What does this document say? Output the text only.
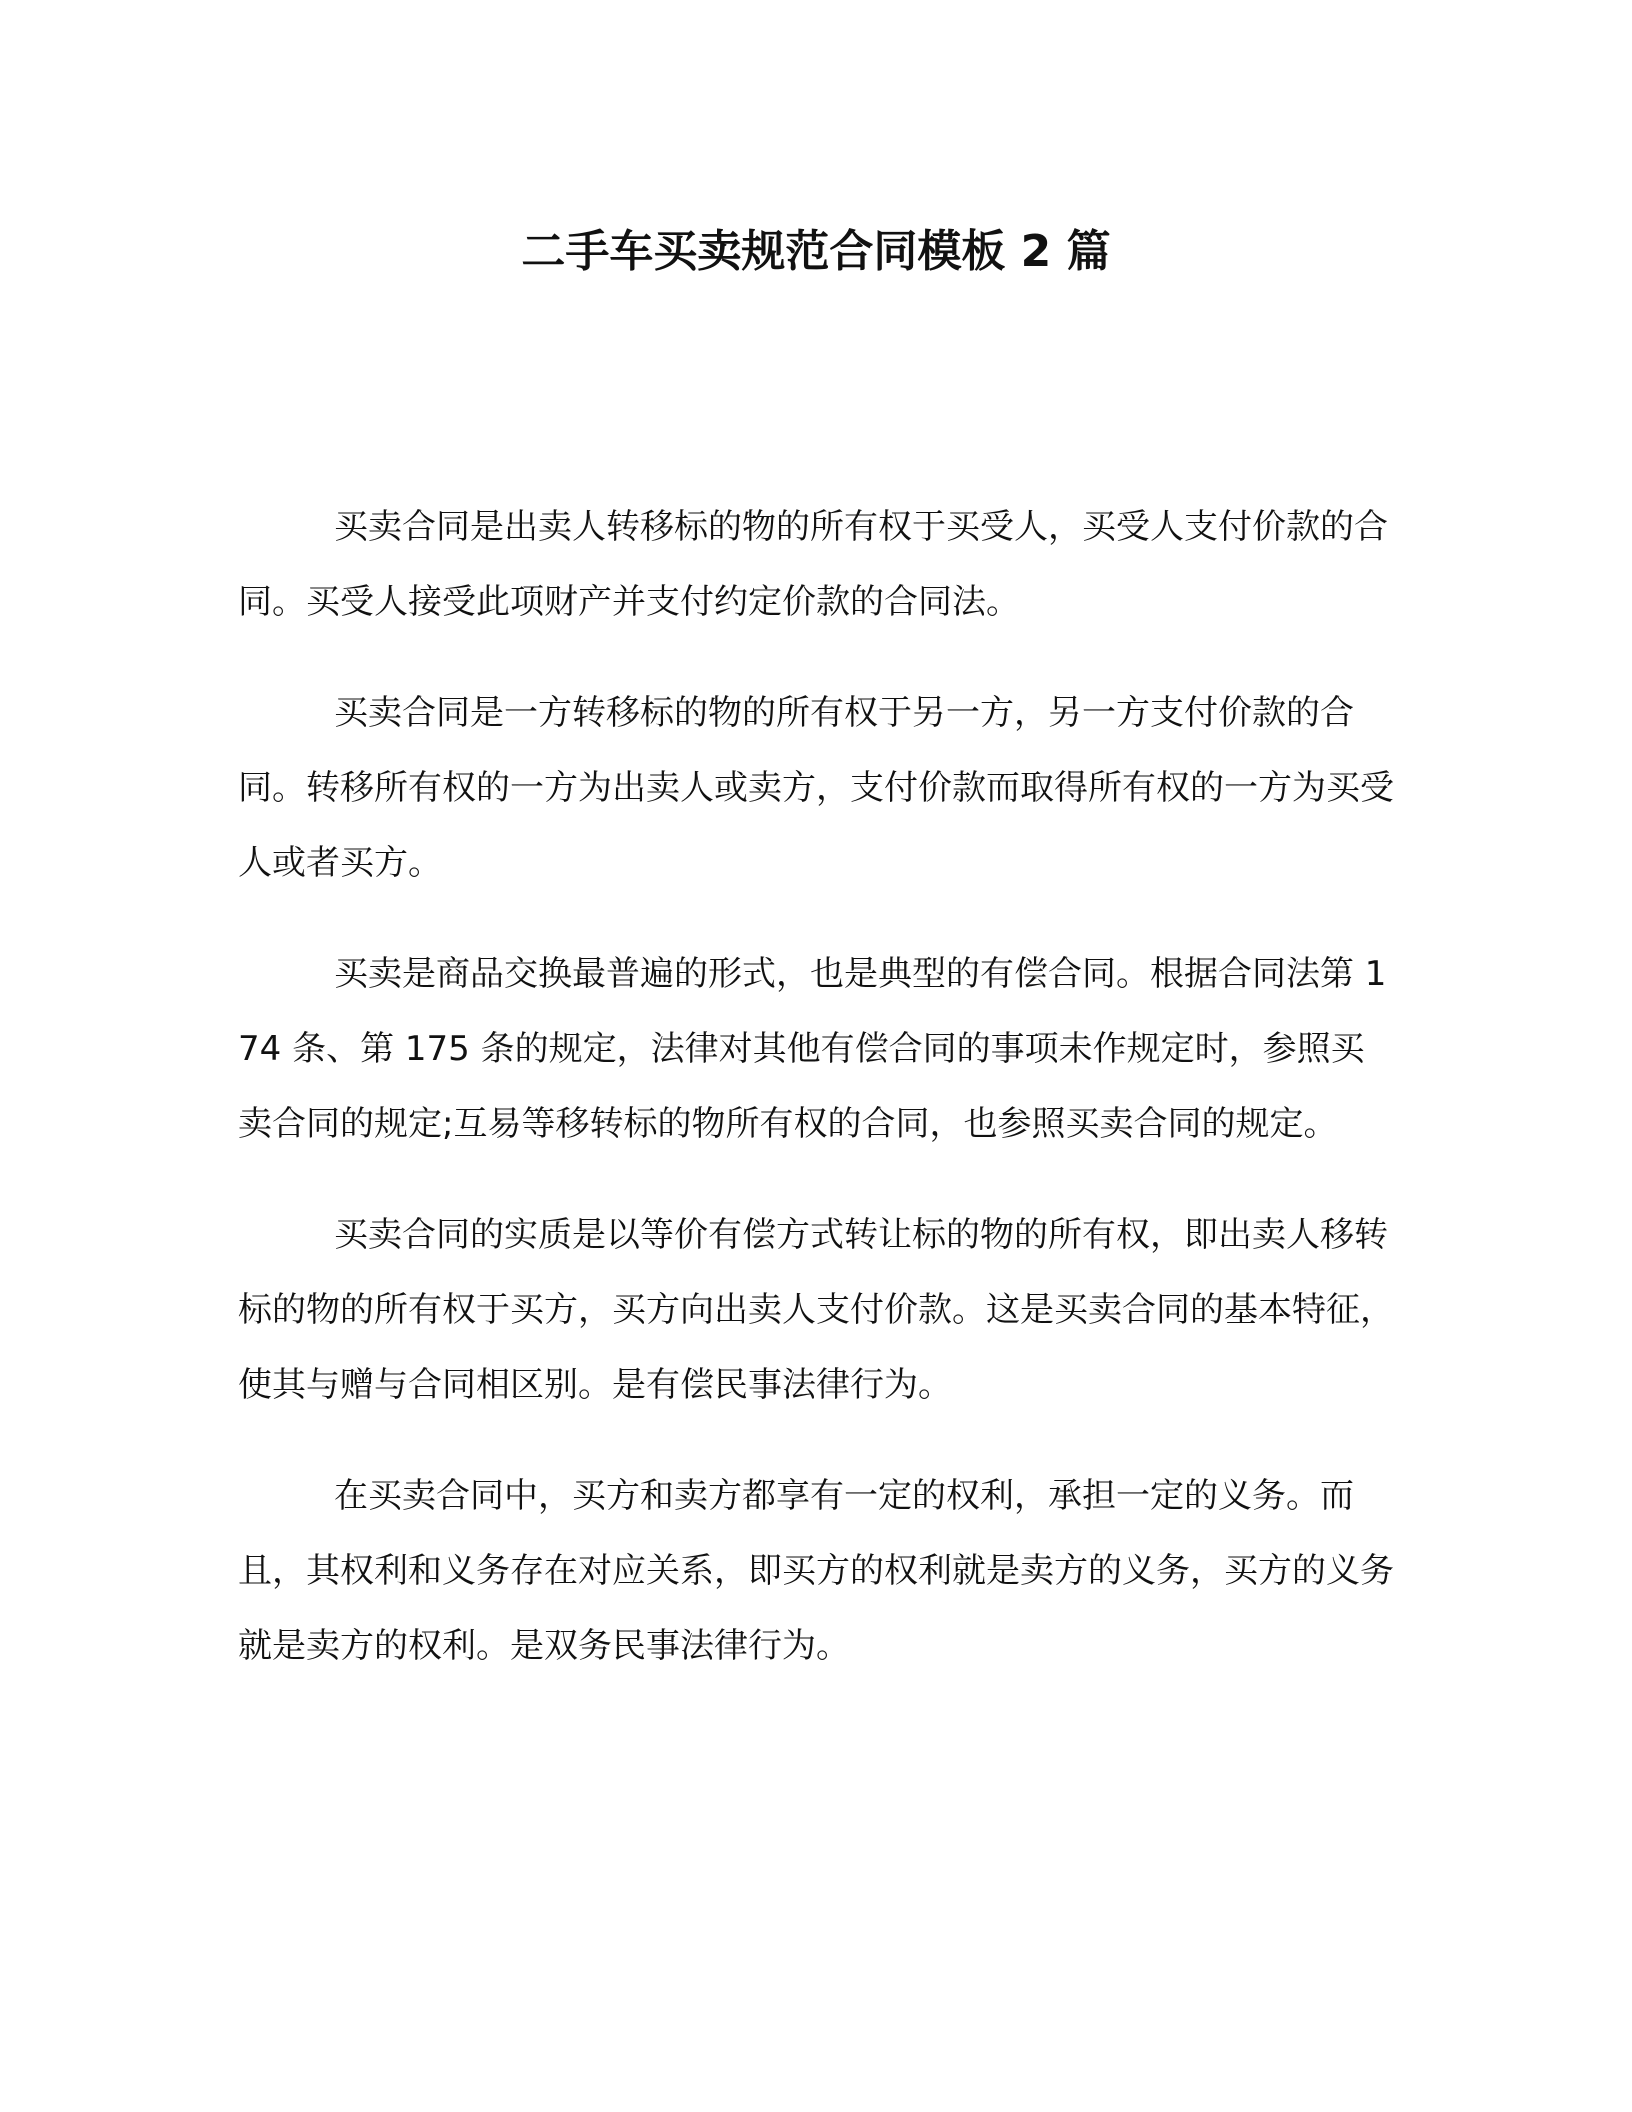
二手车买卖规范合同模板 2 篇

买卖合同是出卖人转移标的物的所有权于买受人，买受人支付价款的合同。买受人接受此项财产并支付约定价款的合同法。

买卖合同是一方转移标的物的所有权于另一方，另一方支付价款的合同。转移所有权的一方为出卖人或卖方，支付价款而取得所有权的一方为买受人或者买方。

买卖是商品交换最普遍的形式，也是典型的有偿合同。根据合同法第 174 条、第 175 条的规定，法律对其他有偿合同的事项未作规定时，参照买卖合同的规定;互易等移转标的物所有权的合同，也参照买卖合同的规定。

买卖合同的实质是以等价有偿方式转让标的物的所有权，即出卖人移转标的物的所有权于买方，买方向出卖人支付价款。这是买卖合同的基本特征，使其与赠与合同相区别。是有偿民事法律行为。

在买卖合同中，买方和卖方都享有一定的权利，承担一定的义务。而且，其权利和义务存在对应关系，即买方的权利就是卖方的义务，买方的义务就是卖方的权利。是双务民事法律行为。
